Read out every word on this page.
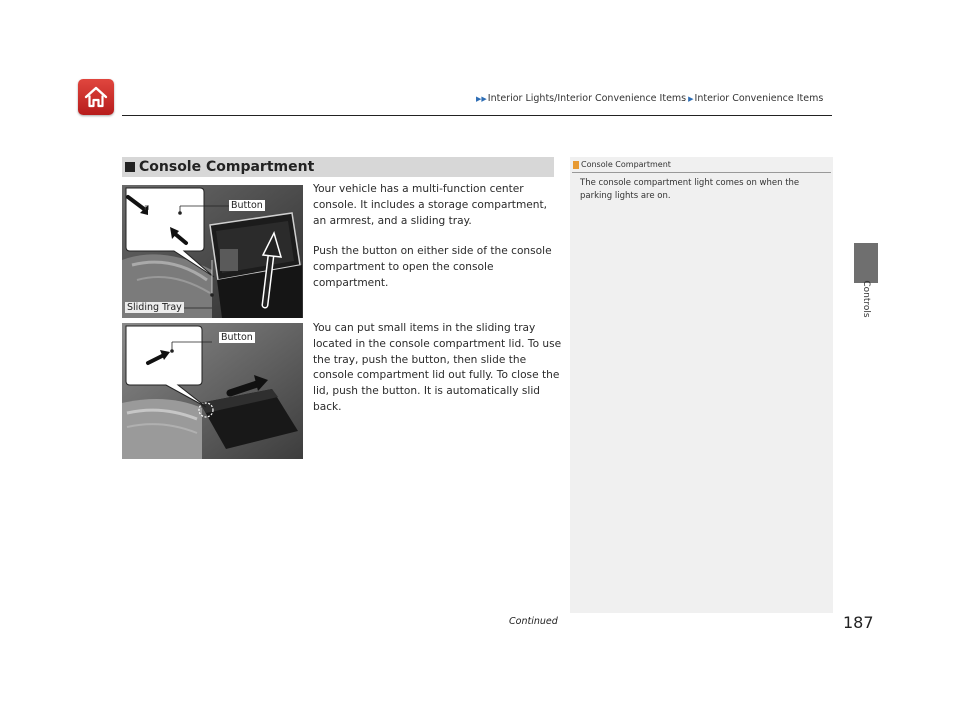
▶▶ Interior Lights/Interior Convenience Items ▶ Interior Convenience Items
Controls
Console Compartment	Console Compartment
The console compartment light comes on when the parking lights are on.
⊓	Button
Sliding Tray
Button
Your vehicle has a multi-function center console. It includes a storage compartment, an armrest, and a sliding tray.
Push the button on either side of the console compartment to open the console compartment.
You can put small items in the sliding tray located in the console compartment lid. To use the tray, push the button, then slide the console compartment lid out fully. To close the lid, push the button. It is automatically slid back.
Continued	187
